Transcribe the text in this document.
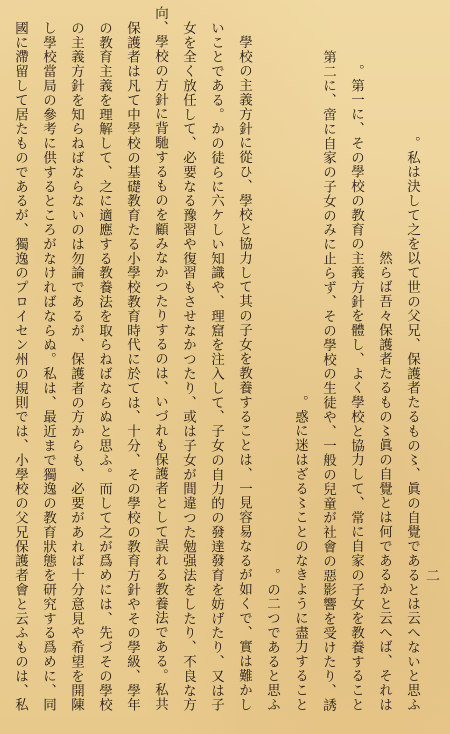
私は決して之を以て世の父兄、保護者たるもの〻、眞の自覺であるとは云へないと思ふ。
然らば吾々保護者たるもの〻眞の自覺とは何であるかと云へば、それは
第一に、その學校の教育の主義方針を體し、よく學校と協力して、常に自家の子女を教養すること。
第二に、啻に自家の子女のみに止らず、その學校の生徒や、一般の兒童が社會の惡影響を受けたり、誘
惑に迷はざる〻ことのなきように盡力すること。
の二つであると思ふ。
學校の主義方針に從ひ、學校と協力して其の子女を教養することは、一見容易なるが如くで、實は難かし
いことである。かの徒らに六ケしい知識や、理窟を注入して、子女の自力的の發達發育を妨げたり、又は子
女を全く放任して、必要なる豫習や復習もさせなかつたり、或は子女が間違つた勉强法をしたり、不良な方
向、學校の方針に背馳するものを顧みなかつたりするのは、いづれも保護者として誤れる教養法である。私共
保護者は凡て中學校の基礎教育たる小學校教育時代に於ては、十分、その學校の教育方針やその學級、學年
の教育主義を理解して、之に適應する教養法を取らねばならぬと思ふ。而して之が爲めには、先づその學校
の主義方針を知らねばならないのは勿論であるが、保護者の方からも、必要があれば十分意見や希望を開陳
し學校當局の參考に供するところがなければならぬ。私は、最近まで獨逸の教育狀態を研究する爲めに、同
國に滯留して居たものであるが、獨逸のプロイセン州の規則では、小學校の父兄保護者會と云ふものは、私	二
